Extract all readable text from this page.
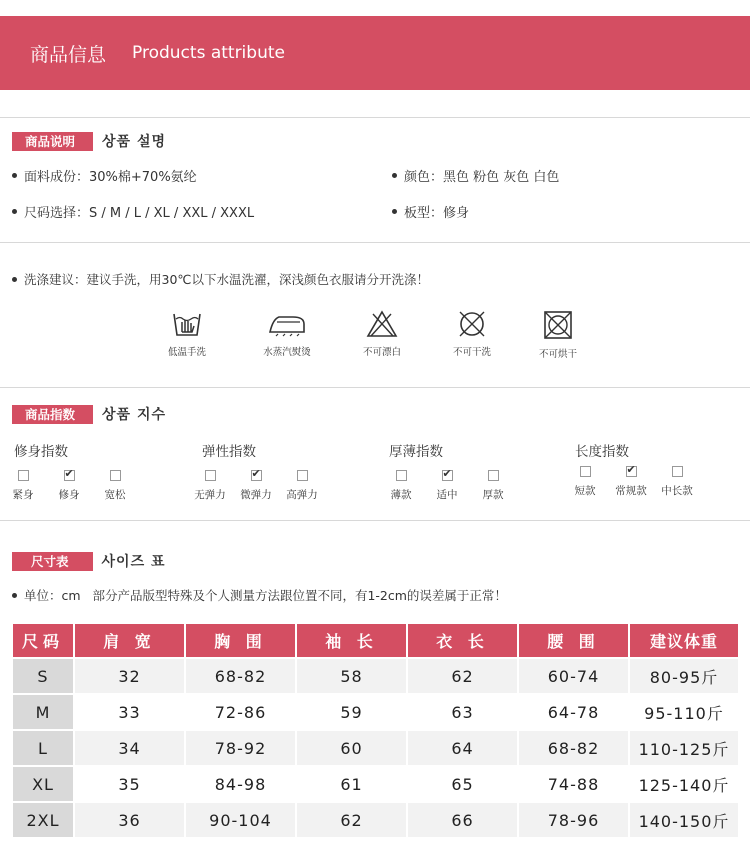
商品信息 Products attribute
商品说明	상품 설명
面料成份：30%棉+70%氨纶	颜色：黑色 粉色 灰色 白色
尺码选择：S / M / L / XL / XXL / XXXL	板型：修身
洗涤建议：建议手洗，用30℃以下水温洗濯，深浅颜色衣服请分开洗涤！
低温手洗	水蒸汽熨烫	不可漂白	不可干洗	不可烘干
商品指数	상품 지수
修身指数
紧身
✔	修身	宽松
弹性指数
无弹力
✔	微弹力	高弹力
厚薄指数
薄款
✔	适中	厚款
长度指数
短款
✔	常规款	中长款
尺寸表	사이즈 표
单位：cm   部分产品版型特殊及个人测量方法跟位置不同，有1-2cm的误差属于正常！
尺码	肩 宽	胸 围	袖 长	衣 长	腰 围	建议体重
S	32	68-82	58	62	60-74	80-95斤
M	33	72-86	59	63	64-78	95-110斤
L	34	78-92	60	64	68-82	110-125斤
XL	35	84-98	61	65	74-88	125-140斤
2XL	36	90-104	62	66	78-96	140-150斤
